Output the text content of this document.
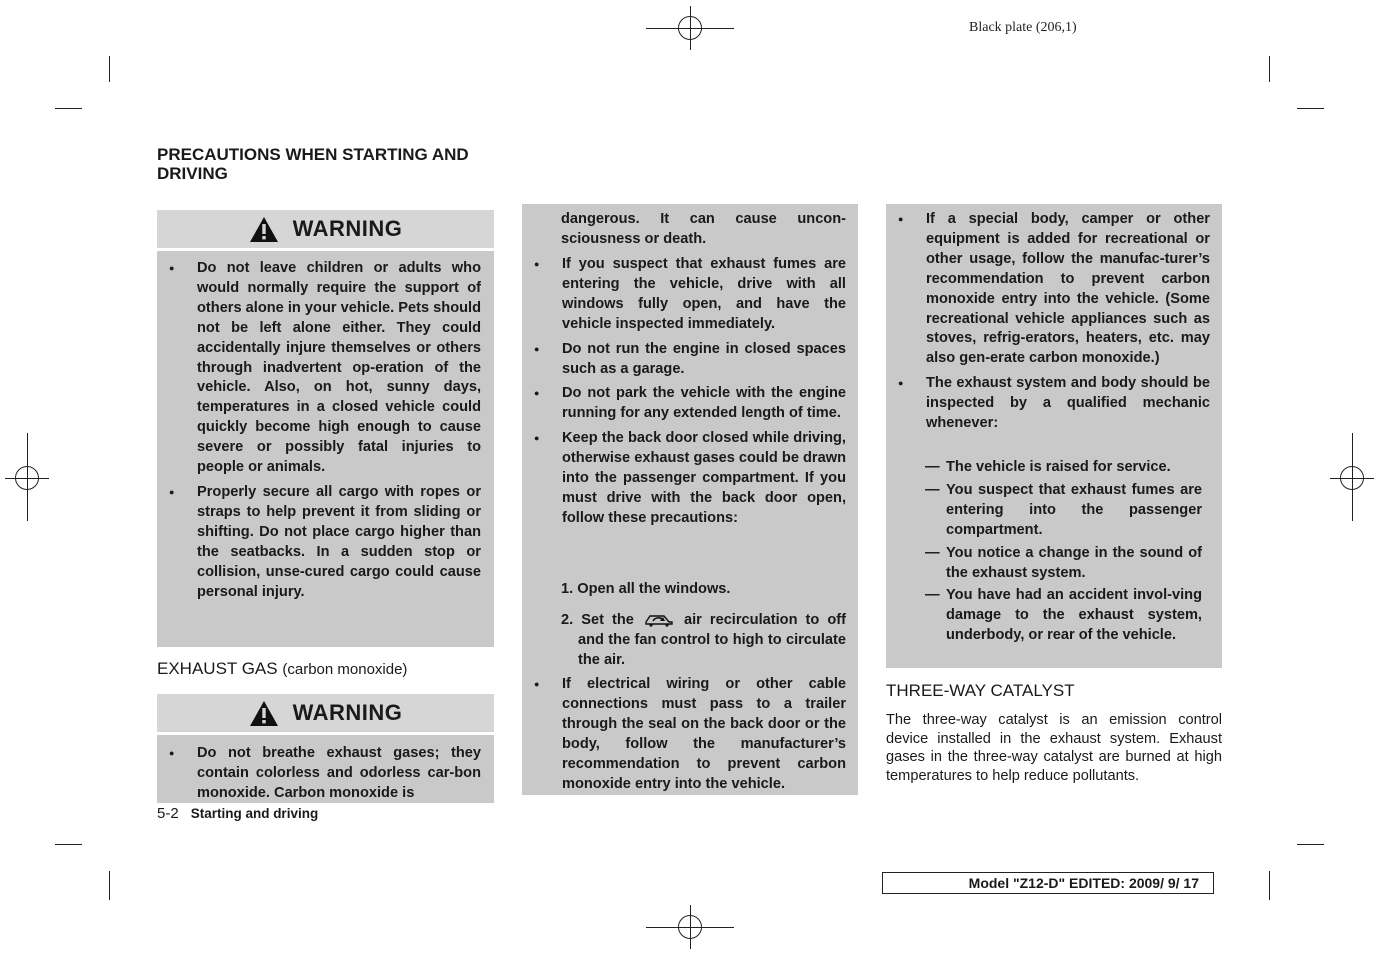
Black plate (206,1)
PRECAUTIONS WHEN STARTING AND DRIVING
WARNING
● Do not leave children or adults who would normally require the support of others alone in your vehicle. Pets should not be left alone either. They could accidentally injure themselves or others through inadvertent op-eration of the vehicle. Also, on hot, sunny days, temperatures in a closed vehicle could quickly become high enough to cause severe or possibly fatal injuries to people or animals.
● Properly secure all cargo with ropes or straps to help prevent it from sliding or shifting. Do not place cargo higher than the seatbacks. In a sudden stop or collision, unse-cured cargo could cause personal injury.
EXHAUST GAS (carbon monoxide)
WARNING
● Do not breathe exhaust gases; they contain colorless and odorless car-bon monoxide. Carbon monoxide is
5-2 Starting and driving
dangerous. It can cause uncon-sciousness or death.
● If you suspect that exhaust fumes are entering the vehicle, drive with all windows fully open, and have the vehicle inspected immediately.
● Do not run the engine in closed spaces such as a garage.
● Do not park the vehicle with the engine running for any extended length of time.
● Keep the back door closed while driving, otherwise exhaust gases could be drawn into the passenger compartment. If you must drive with the back door open, follow these precautions:
1. Open all the windows.
2. Set the	air recirculation to off and the fan control to high to circulate the air.
● If electrical wiring or other cable connections must pass to a trailer through the seal on the back door or the body, follow the manufacturer’s recommendation to prevent carbon monoxide entry into the vehicle.
● If a special body, camper or other equipment is added for recreational or other usage, follow the manufac-turer’s recommendation to prevent carbon monoxide entry into the vehicle. (Some recreational vehicle appliances such as stoves, refrig-erators, heaters, etc. may also gen-erate carbon monoxide.)
● The exhaust system and body should be inspected by a qualified mechanic whenever:
— The vehicle is raised for service.
— You suspect that exhaust fumes are entering into the passenger compartment.
— You notice a change in the sound of the exhaust system.
— You have had an accident invol-ving damage to the exhaust system, underbody, or rear of the vehicle.
THREE-WAY CATALYST
The three-way catalyst is an emission control device installed in the exhaust system. Exhaust gases in the three-way catalyst are burned at high temperatures to help reduce pollutants.
Model "Z12-D" EDITED: 2009/ 9/ 17
